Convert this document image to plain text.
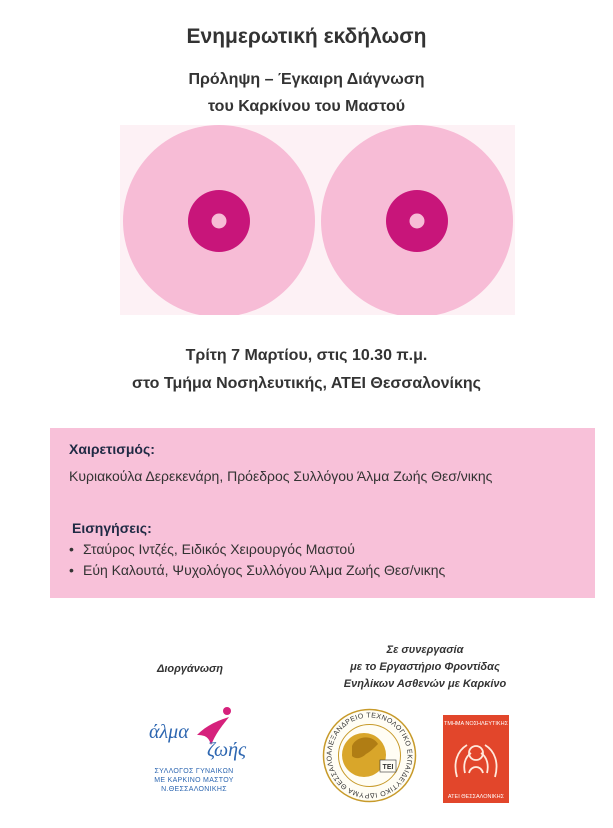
Ενημερωτική εκδήλωση
Πρόληψη – Έγκαιρη Διάγνωση
του Καρκίνου του Μαστού
Τρίτη 7 Μαρτίου, στις 10.30 π.μ.
στο Τμήμα Νοσηλευτικής, ΑΤΕΙ Θεσσαλονίκης
Χαιρετισμός:
Κυριακούλα Δερεκενάρη, Πρόεδρος Συλλόγου Άλμα Ζωής Θεσ/νικης
Εισηγήσεις:
• Σταύρος Ιντζές, Ειδικός Χειρουργός Μαστού
• Εύη Καλουτά, Ψυχολόγος Συλλόγου Άλμα Ζωής Θεσ/νικης
Διοργάνωση
Σε συνεργασία
με το Εργαστήριο Φροντίδας
Ενηλίκων Ασθενών με Καρκίνο
άλμα
ζωής
ΣΥΛΛΟΓΟΣ ΓΥΝΑΙΚΩΝ
ΜΕ ΚΑΡΚΙΝΟ ΜΑΣΤΟΥ
Ν.ΘΕΣΣΑΛΟΝΙΚΗΣ
ΑΛΕΞΑΝΔΡΕΙΟ ΤΕΧΝΟΛΟΓΙΚΟ ΕΚΠΑΙΔΕΥΤΙΚΟ ΙΔΡΥΜΑ ΘΕΣΣΑΛΟ
ΤΕΙ
ΤΜΗΜΑ ΝΟΣΗΛΕΥΤΙΚΗΣ
ΑΤΕΙ ΘΕΣΣΑΛΟΝΙΚΗΣ
